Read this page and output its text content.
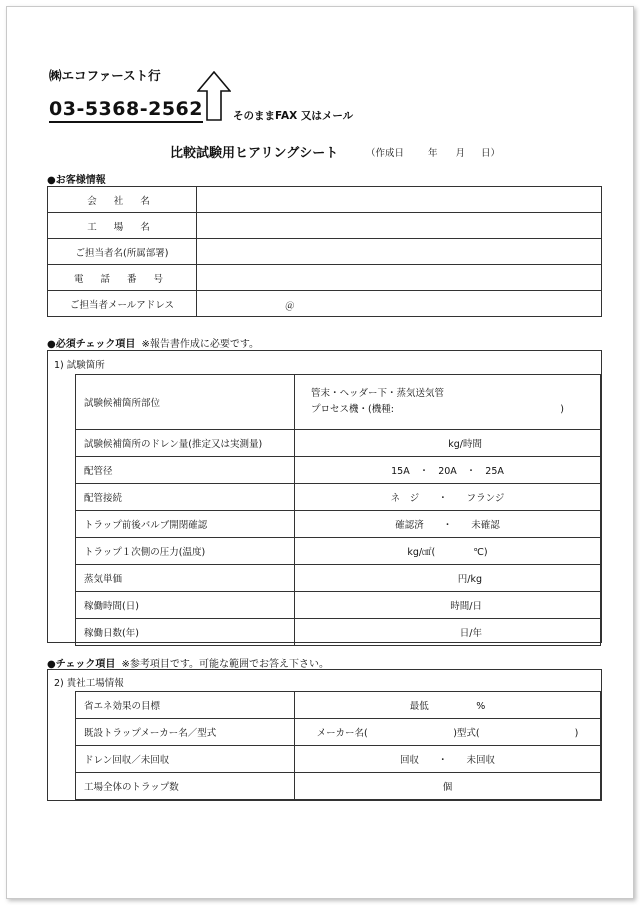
㈱エコファースト行
03-5368-2562	そのままFAX 又はメール
比較試験用ヒアリングシート	（作成日	年 月 日）
●お客様情報
会 社 名	
工 場 名	
ご担当者名(所属部署)	
電 話 番 号	
ご担当者メールアドレス	＠
●必須チェック項目 ※報告書作成に必要です。
1) 試験箇所
試験候補箇所部位	管末・ヘッダー下・蒸気送気管
プロセス機・(機種: )

試験候補箇所のドレン量(推定又は実測量)	kg/時間
配管径	15A　・　20A　・　25A
配管接続	ネ　ジ　　・　　フランジ
トラップ前後バルブ開閉確認	確認済　　・　　未確認
トラップ１次側の圧力(温度)	kg/㎠(　　　　℃)
蒸気単価	円/kg
稼働時間(日)	時間/日
稼働日数(年)	日/年
●チェック項目 ※参考項目です。可能な範囲でお答え下さい。
2) 貴社工場情報
省エネ効果の目標	最低　　　　　%
既設トラップメーカー名／型式	メーカー名(　　　　　　　　　)型式(　　　　　　　　　　)
ドレン回収／未回収	回収　　・　　未回収
工場全体のトラップ数	個
